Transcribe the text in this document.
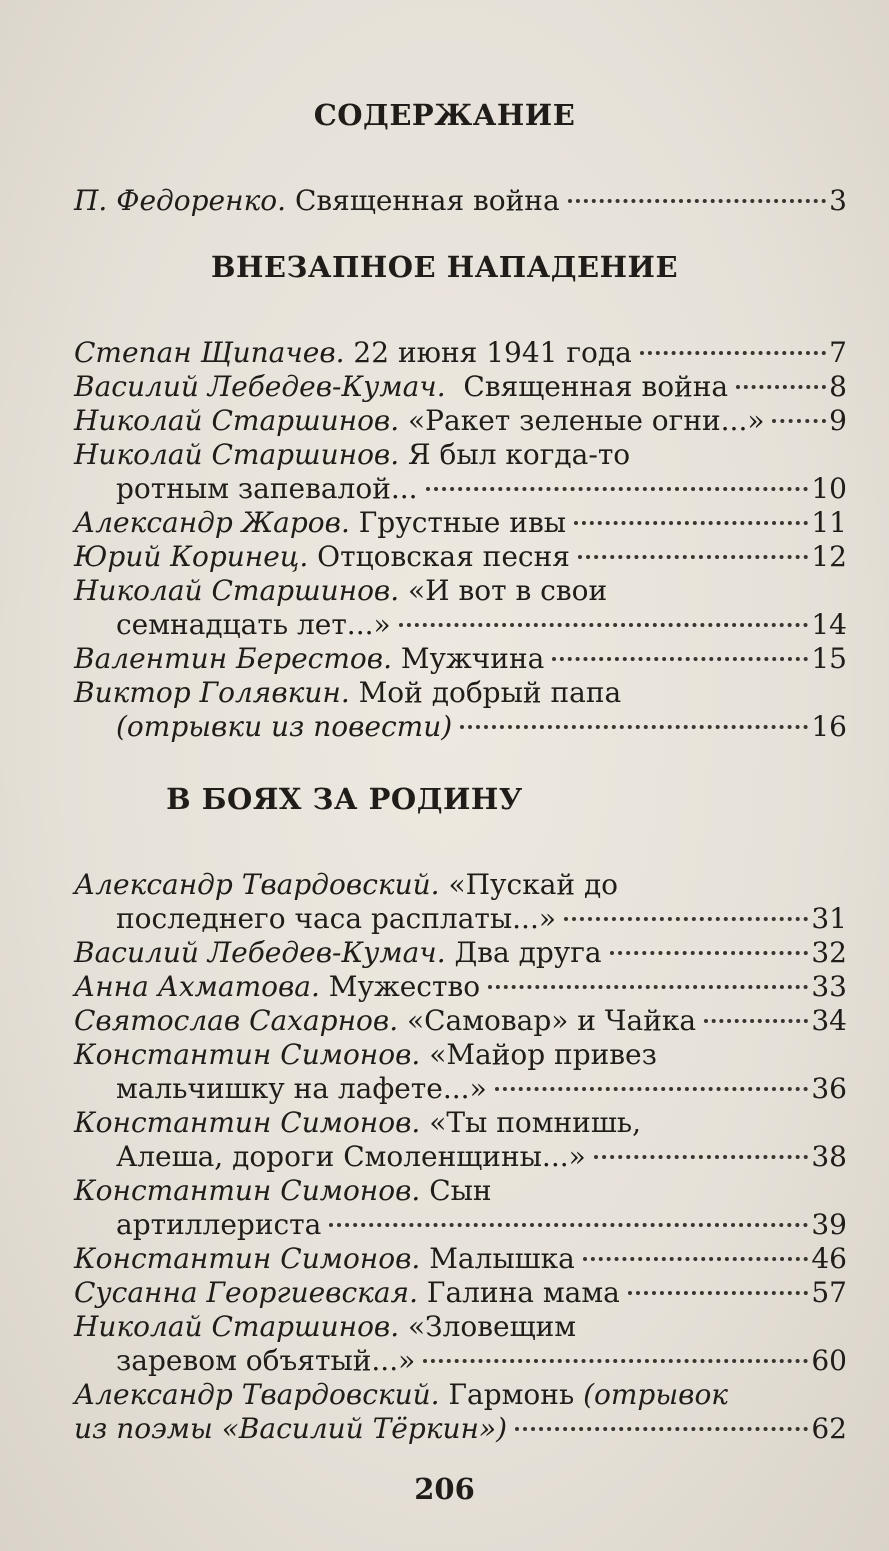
СОДЕРЖАНИЕ
П. Федоренко. Священная война	3
ВНЕЗАПНОЕ НАПАДЕНИЕ
Степан Щипачев. 22 июня 1941 года	7
Василий Лебедев-Кумач. Священная война	8
Николай Старшинов. «Ракет зеленые огни...» 9
Николай Старшинов. Я был когда-то
ротным запевалой...	10
Александр Жаров. Грустные ивы	11
Юрий Коринец. Отцовская песня	12
Николай Старшинов. «И вот в свои
семнадцать лет...»	14
Валентин Берестов. Мужчина	15
Виктор Голявкин. Мой добрый папа
(отрывки из повести)	16
В БОЯХ ЗА РОДИНУ
Александр Твардовский. «Пускай до
последнего часа расплаты...»	31
Василий Лебедев-Кумач. Два друга	32
Анна Ахматова. Мужество	33
Святослав Сахарнов. «Самовар» и Чайка	34
Константин Симонов. «Майор привез
мальчишку на лафете...»	36
Константин Симонов. «Ты помнишь,
Алеша, дороги Смоленщины...»	38
Константин Симонов. Сын
артиллериста	39
Константин Симонов. Малышка	46
Сусанна Георгиевская. Галина мама	57
Николай Старшинов. «Зловещим
заревом объятый...»	60
Александр Твардовский. Гармонь (отрывок
из поэмы «Василий Тёркин»)	62
206
